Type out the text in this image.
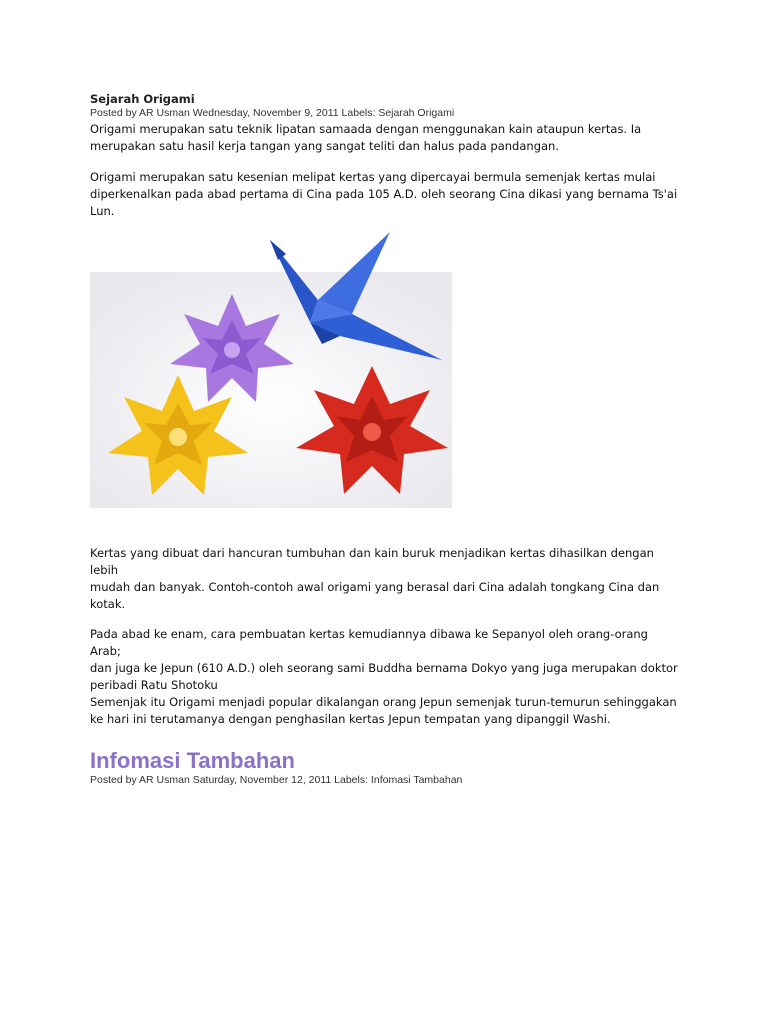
Sejarah Origami

Posted by AR Usman Wednesday, November 9, 2011 Labels: Sejarah Origami

Origami merupakan satu teknik lipatan samaada dengan menggunakan kain ataupun kertas. Ia
merupakan satu hasil kerja tangan yang sangat teliti dan halus pada pandangan.

Origami merupakan satu kesenian melipat kertas yang dipercayai bermula semenjak kertas mulai
diperkenalkan pada abad pertama di Cina pada 105 A.D. oleh seorang Cina dikasi yang bernama Ts'ai
Lun.

Kertas yang dibuat dari hancuran tumbuhan dan kain buruk menjadikan kertas dihasilkan dengan lebih
mudah dan banyak. Contoh-contoh awal origami yang berasal dari Cina adalah tongkang Cina dan
kotak.

Pada abad ke enam, cara pembuatan kertas kemudiannya dibawa ke Sepanyol oleh orang-orang Arab;
dan juga ke Jepun (610 A.D.) oleh seorang sami Buddha bernama Dokyo yang juga merupakan doktor
peribadi Ratu Shotoku
Semenjak itu Origami menjadi popular dikalangan orang Jepun semenjak turun-temurun sehinggakan
ke hari ini terutamanya dengan penghasilan kertas Jepun tempatan yang dipanggil Washi.

Infomasi Tambahan

Posted by AR Usman Saturday, November 12, 2011 Labels: Infomasi Tambahan
